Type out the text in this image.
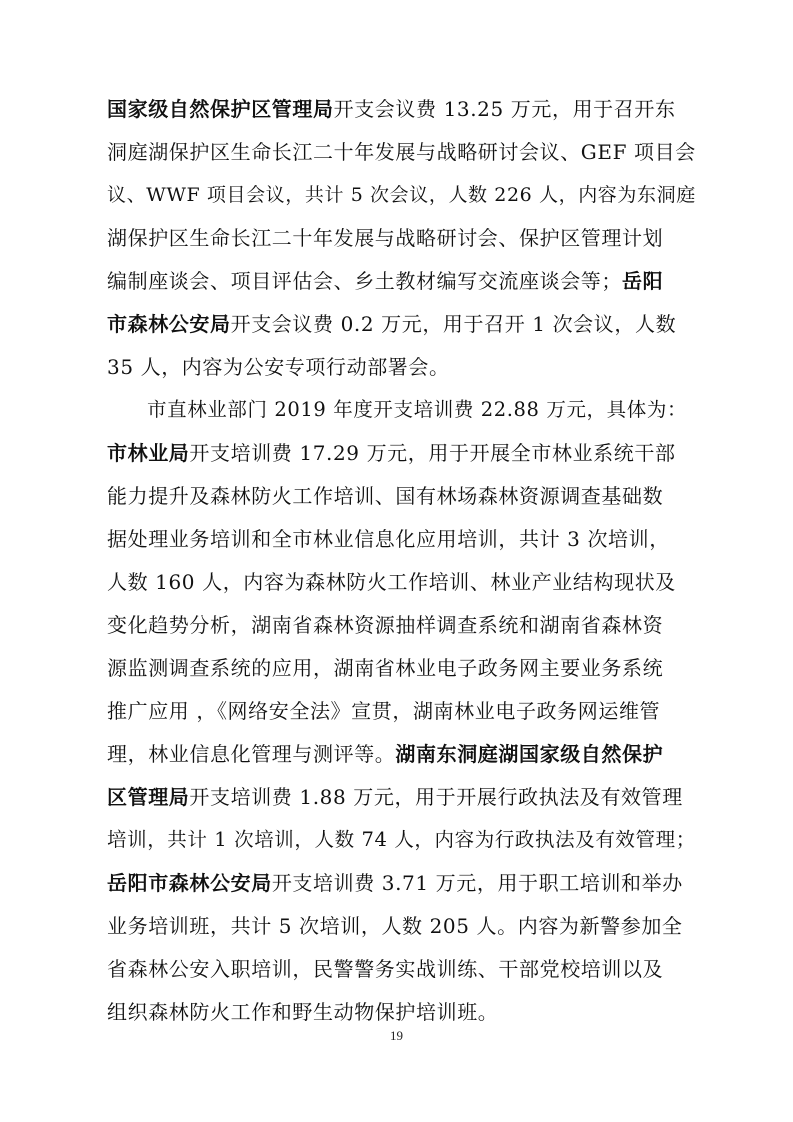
国家级自然保护区管理局开支会议费 13.25 万元，用于召开东
洞庭湖保护区生命长江二十年发展与战略研讨会议、GEF 项目会
议、WWF 项目会议，共计 5 次会议，人数 226 人，内容为东洞庭
湖保护区生命长江二十年发展与战略研讨会、保护区管理计划
编制座谈会、项目评估会、乡土教材编写交流座谈会等；岳阳
市森林公安局开支会议费 0.2 万元，用于召开 1 次会议，人数
35 人，内容为公安专项行动部署会。
市直林业部门 2019 年度开支培训费 22.88 万元，具体为：
市林业局开支培训费 17.29 万元，用于开展全市林业系统干部
能力提升及森林防火工作培训、国有林场森林资源调查基础数
据处理业务培训和全市林业信息化应用培训，共计 3 次培训，
人数 160 人，内容为森林防火工作培训、林业产业结构现状及
变化趋势分析，湖南省森林资源抽样调查系统和湖南省森林资
源监测调查系统的应用，湖南省林业电子政务网主要业务系统
推广应用 ，《网络安全法》宣贯，湖南林业电子政务网运维管
理，林业信息化管理与测评等。湖南东洞庭湖国家级自然保护
区管理局开支培训费 1.88 万元，用于开展行政执法及有效管理
培训，共计 1 次培训，人数 74 人，内容为行政执法及有效管理；
岳阳市森林公安局开支培训费 3.71 万元，用于职工培训和举办
业务培训班，共计 5 次培训，人数 205 人。内容为新警参加全
省森林公安入职培训，民警警务实战训练、干部党校培训以及
组织森林防火工作和野生动物保护培训班。
19
